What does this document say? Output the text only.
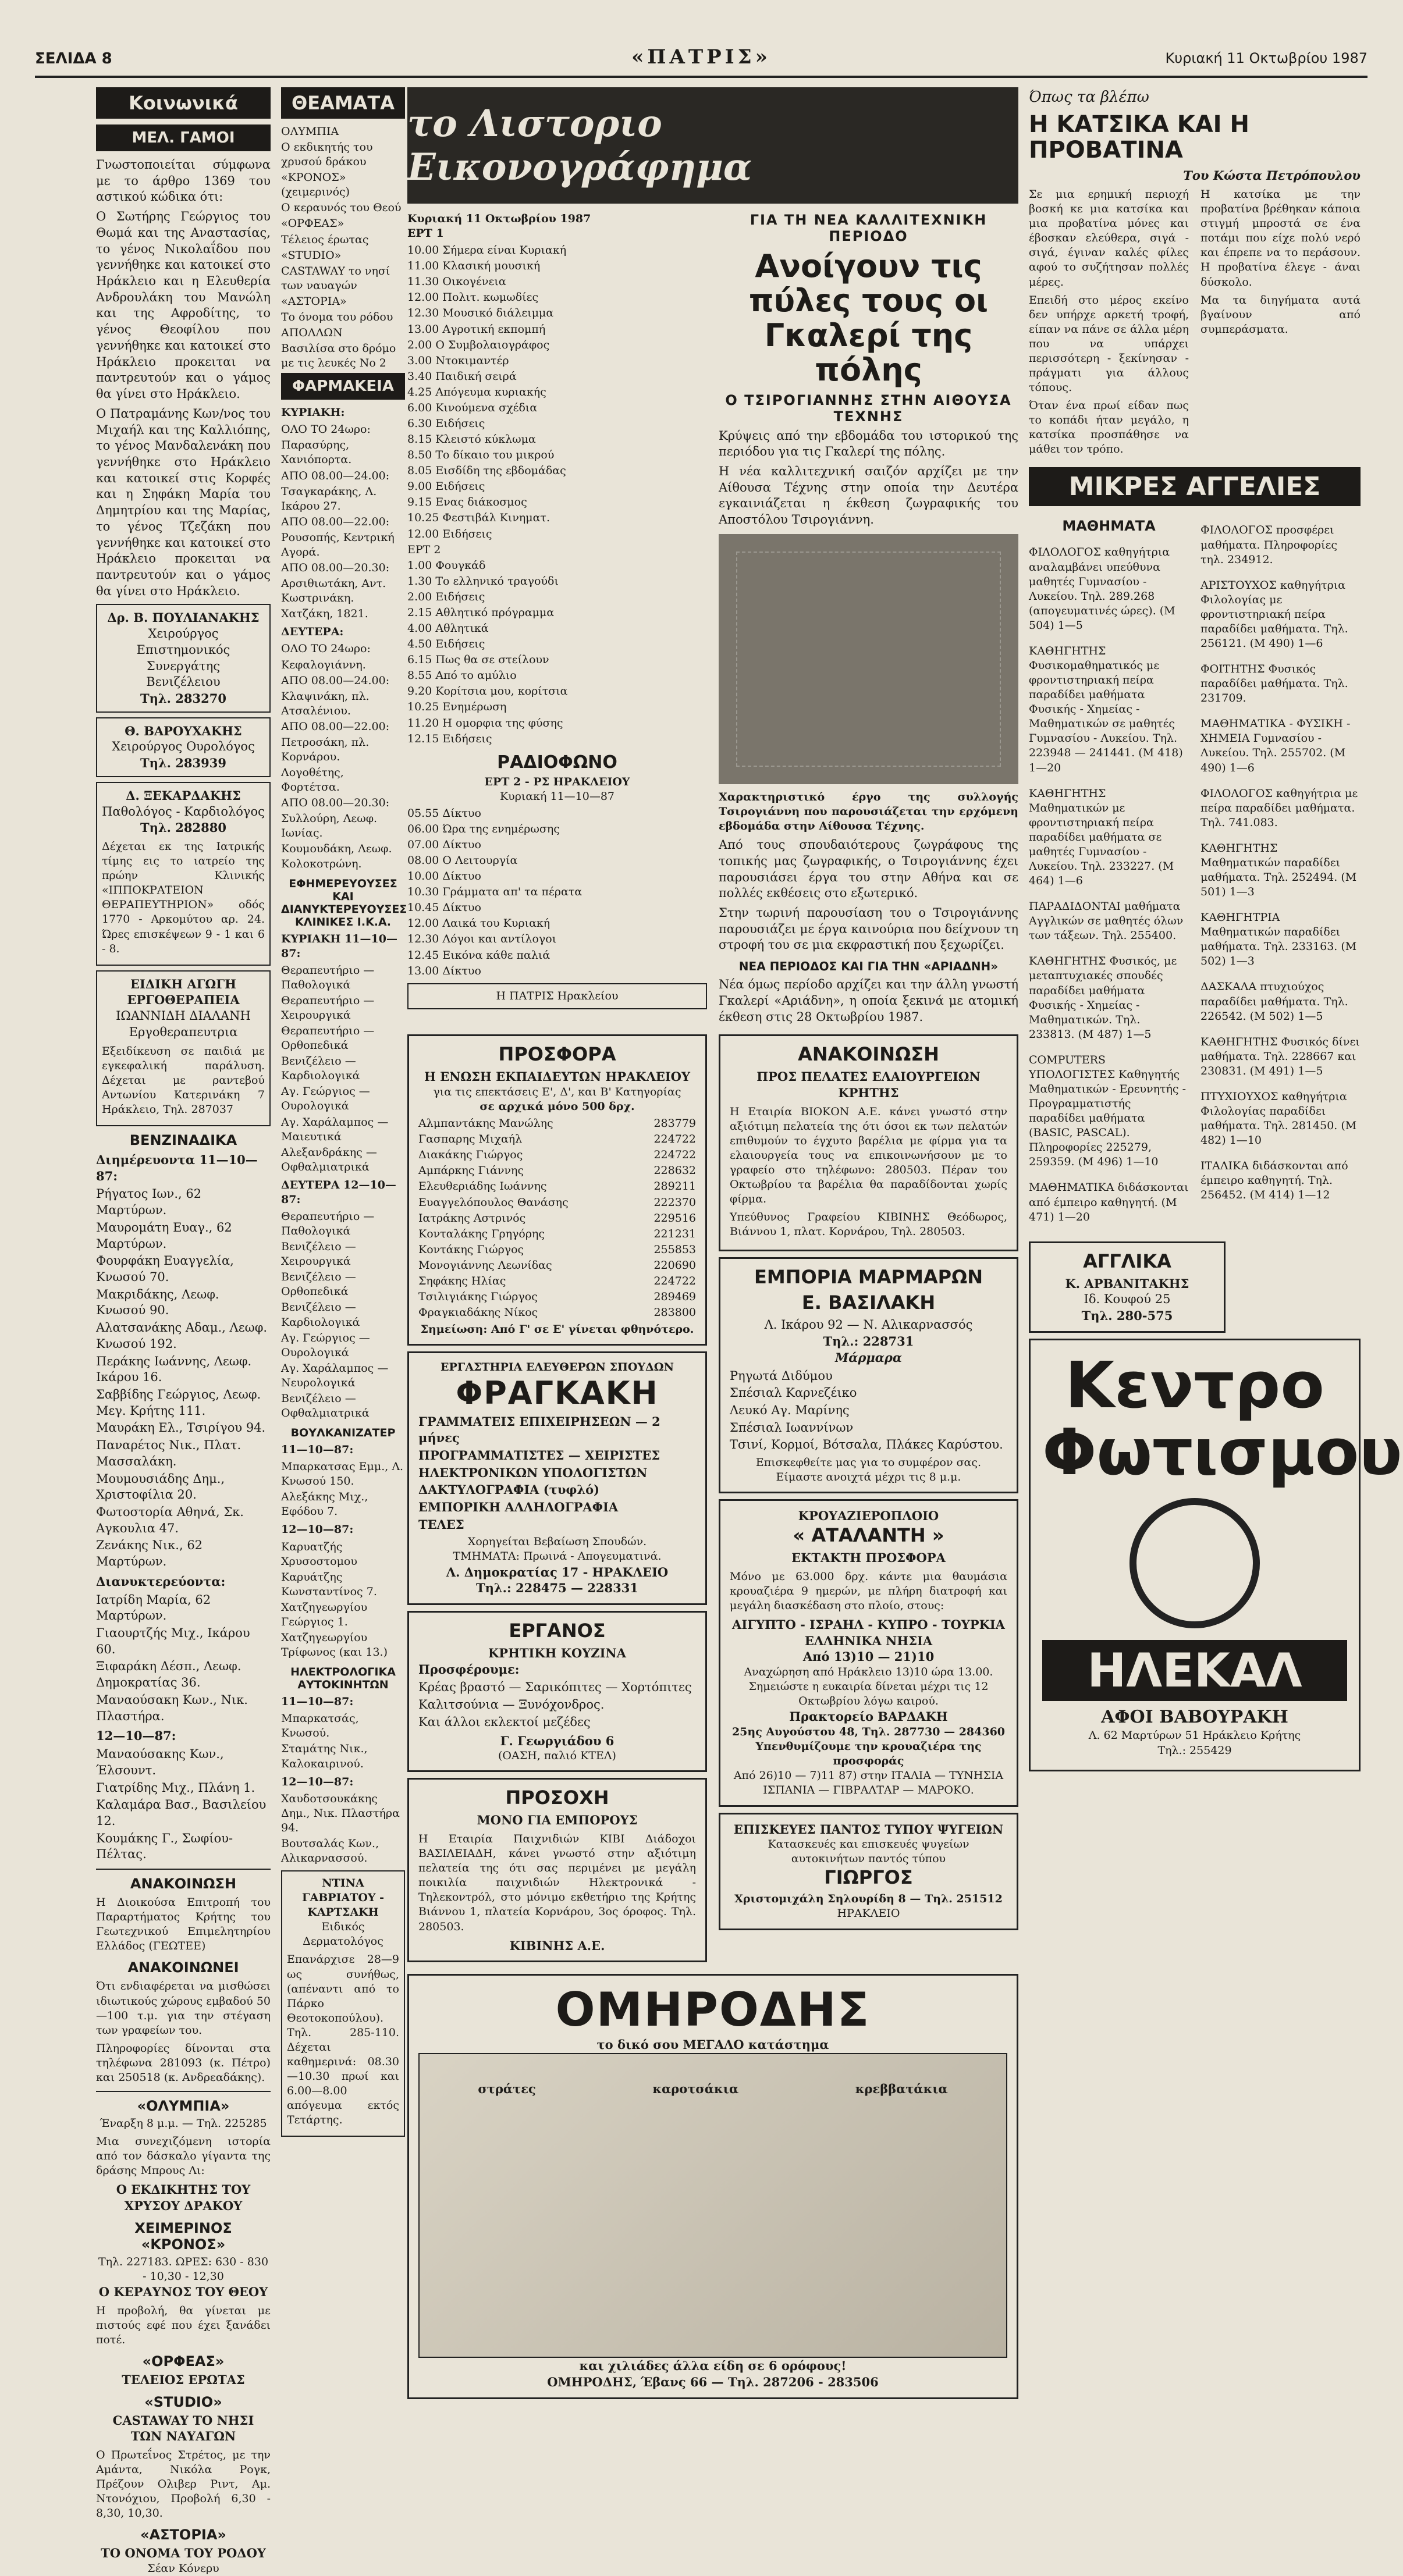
ΣΕΛΙΔΑ 8	«ΠΑΤΡΙΣ»	Κυριακή 11 Οκτωβρίου 1987
Κοινωνικά
ΜΕΛ. ΓΑΜΟΙ

Γνωστοποιείται σύμφωνα με το άρθρο 1369 του αστικού κώδικα ότι:

Ο Σωτήρης Γεώργιος του Θωμά και της Αναστασίας, το γένος Νικολαΐδου που γεννήθηκε και κατοικεί στο Ηράκλειο και η Ελευθερία Ανδρουλάκη του Μανώλη και της Αφροδίτης, το γένος Θεοφίλου που γεννήθηκε και κατοικεί στο Ηράκλειο προκειται να παντρευτούν και ο γάμος θα γίνει στο Ηράκλειο.

Ο Πατραμάνης Κων/νος του Μιχαήλ και της Καλλιόπης, το γένος Μανδαλενάκη που γεννήθηκε στο Ηράκλειο και κατοικεί στις Κορφές και η Σηφάκη Μαρία του Δημητρίου και της Μαρίας, το γένος Τζεζάκη που γεννήθηκε και κατοικεί στο Ηράκλειο προκειται να παντρευτούν και ο γάμος θα γίνει στο Ηράκλειο.

Δρ. Β. ΠΟΥΛΙΑΝΑΚΗΣ
Χειρούργος
Επιστημονικός Συνεργάτης
Βενιζέλειου
Τηλ. 283270
Θ. ΒΑΡΟΥΧΑΚΗΣ
Χειρούργος Ουρολόγος
Τηλ. 283939
Δ. ΞΕΚΑΡΔΑΚΗΣ
Παθολόγος - Καρδιολόγος
Τηλ. 282880

Δέχεται εκ της Ιατρικής τίμης εις το ιατρείο της πρώην Κλινικής «ΙΠΠΟΚΡΑΤΕΙΟΝ ΘΕΡΑΠΕΥΤΗΡΙΟΝ» οδός 1770 - Αρκομύτου αρ. 24. Ώρες επισκέψεων 9 - 1 και 6 - 8.

ΕΙΔΙΚΗ ΑΓΩΓΗ
ΕΡΓΟΘΕΡΑΠΕΙΑ
ΙΩΑΝΝΙΔΗ ΔΙΑΛΑΝΗ
Εργοθεραπευτρια

Εξειδίκευση σε παιδιά με εγκεφαλική παράλυση. Δέχεται με ραντεβού Αντωνίου Κατερινάκη 7 Ηράκλειο, Τηλ. 287037

ΒΕΝΖΙΝΑΔΙΚΑ
Διημέρευοντα 11—10—87:
Ρήγατος Ιων., 62 Μαρτύρων.
Μαυρομάτη Ευαγ., 62 Μαρτύρων.
Φουρφάκη Ευαγγελία, Κνωσού 70.
Μακριδάκης, Λεωφ. Κνωσού 90.
Αλατσανάκης Αδαμ., Λεωφ. Κνωσού 192.
Περάκης Ιωάννης, Λεωφ. Ικάρου 16.
Σαββίδης Γεώργιος, Λεωφ. Μεγ. Κρήτης 111.
Μαυράκη Ελ., Τσιρίγου 94.
Παναρέτος Νικ., Πλατ. Μασσαλάκη.
Μουμουσιάδης Δημ., Χριστοφίλια 20.
Φωτοστορία Αθηνά, Σκ. Αγκουλια 47.
Ζενάκης Νικ., 62 Μαρτύρων.
Διανυκτερεύοντα:
Ιατρίδη Μαρία, 62 Μαρτύρων.
Γιαουρτζής Μιχ., Ικάρου 60.
Ξιφαράκη Δέσπ., Λεωφ. Δημοκρατίας 36.
Μαναούσακη Κων., Νικ. Πλαστήρα.
12—10—87:
Μαναούσακης Κων., Έλσουντ.
Γιατρίδης Μιχ., Πλάνη 1.
Καλαμάρα Βασ., Βασιλείου 12.
Κουμάκης Γ., Σωφίου-Πέλτας.
ΑΝΑΚΟΙΝΩΣΗ

Η Διοικούσα Επιτροπή του Παραρτήματος Κρήτης του Γεωτεχνικού Επιμελητηρίου Ελλάδος (ΓΕΩΤΕΕ)

ΑΝΑΚΟΙΝΩΝΕΙ

Ότι ενδιαφέρεται να μισθώσει ιδιωτικούς χώρους εμβαδού 50—100 τ.μ. για την στέγαση των γραφείων του.

Πληροφορίες δίνονται στα τηλέφωνα 281093 (κ. Πέτρο) και 250518 (κ. Ανδρεαδάκης).

«ΟΛΥΜΠΙΑ»
Έναρξη 8 μ.μ. — Τηλ. 225285

Μια συνεχιζόμενη ιστορία από τον δάσκαλο γίγαντα της δράσης Μπρους Λι:

Ο ΕΚΔΙΚΗΤΗΣ ΤΟΥ ΧΡΥΣΟΥ ΔΡΑΚΟΥ
ΧΕΙΜΕΡΙΝΟΣ «ΚΡΟΝΟΣ»
Τηλ. 227183. ΩΡΕΣ: 630 - 830 - 10,30 - 12,30
Ο ΚΕΡΑΥΝΟΣ ΤΟΥ ΘΕΟΥ

Η προβολή, θα γίνεται με πιστούς εφέ που έχει ξανάδει ποτέ.

«ΟΡΦΕΑΣ»
ΤΕΛΕΙΟΣ ΕΡΩΤΑΣ
«STUDIO»
CASTAWAY ΤΟ ΝΗΣΙ ΤΩΝ ΝΑΥΑΓΩΝ

Ο Πρωτεΐνος Στρέτος, με την Αμάντα, Νικόλα Ρογκ, Πρέζουν Ολιβερ Ριντ, Αμ. Ντονόχιου, Προβολή 6,30 - 8,30, 10,30.

«ΑΣΤΟΡΙΑ»
ΤΟ ΟΝΟΜΑ ΤΟΥ ΡΟΔΟΥ
Σέαν Κόνερυ
ΘΕΑΜΑΤΑ
ΟΛΥΜΠΙΑ
Ο εκδικητής του χρυσού δράκου
«ΚΡΟΝΟΣ» (χειμερινός)
Ο κεραυνός του Θεού
«ΟΡΦΕΑΣ»
Τέλειος έρωτας
«STUDIO»
CASTAWAY το νησί των ναυαγών
«ΑΣΤΟΡΙΑ»
Το όνομα του ρόδου
ΑΠΟΛΛΩΝ
Βασιλίσα στο δρόμο με τις λευκές Νο 2
ΦΑΡΜΑΚΕΙΑ
ΚΥΡΙΑΚΗ:
ΟΛΟ ΤΟ 24ωρο:
Παρασύρης, Χανιόπορτα.
ΑΠΟ 08.00—24.00:
Τσαγκαράκης, Λ. Ικάρου 27.
ΑΠΟ 08.00—22.00:
Ρουσοπής, Κεντρική Αγορά.
ΑΠΟ 08.00—20.30:
Αρσιθιωτάκη, Αντ. Κωστρινάκη.
Χατζάκη, 1821.
ΔΕΥΤΕΡΑ:
ΟΛΟ ΤΟ 24ωρο:
Κεφαλογιάννη.
ΑΠΟ 08.00—24.00:
Κλαψινάκη, πλ. Ατσαλένιου.
ΑΠΟ 08.00—22.00:
Πετροσάκη, πλ. Κορνάρου.
Λογοθέτης, Φορτέτσα.
ΑΠΟ 08.00—20.30:
Συλλούρη, Λεωφ. Ιωνίας.
Κουμουδάκη, Λεωφ. Κολοκοτρώνη.
ΕΦΗΜΕΡΕΥΟΥΣΕΣ ΚΑΙ ΔΙΑΝΥΚΤΕΡΕΥΟΥΣΕΣ ΚΛΙΝΙΚΕΣ Ι.Κ.Α.
ΚΥΡΙΑΚΗ 11—10—87:
Θεραπευτήριο — Παθολογικά
Θεραπευτήριο — Χειρουργικά
Θεραπευτήριο — Ορθοπεδικά
Βενιζέλειο — Καρδιολογικά
Αγ. Γεώργιος — Ουρολογικά
Αγ. Χαράλαμπος — Μαιευτικά
Αλεξανδράκης — Οφθαλμιατρικά
ΔΕΥΤΕΡΑ 12—10—87:
Θεραπευτήριο — Παθολογικά
Βενιζέλειο — Χειρουργικά
Βενιζέλειο — Ορθοπεδικά
Βενιζέλειο — Καρδιολογικά
Αγ. Γεώργιος — Ουρολογικά
Αγ. Χαράλαμπος — Νευρολογικά
Βενιζέλειο — Οφθαλμιατρικά
ΒΟΥΛΚΑΝΙΖΑΤΕΡ
11—10—87:
Μπαρκατσας Εμμ., Λ. Κνωσού 150.
Αλεξάκης Μιχ., Εφόδου 7.
12—10—87:
Καρυατζής Χρυσοστομου
Καρυάτζης Κωνσταντίνος 7.
Χατζηγεωργίου Γεώργιος 1.
Χατζηγεωργίου Τρίφωνος (και 13.)
ΗΛΕΚΤΡΟΛΟΓΙΚΑ ΑΥΤΟΚΙΝΗΤΩΝ
11—10—87:
Μπαρκατσάς, Κνωσού.
Σταμάτης Νικ., Καλοκαιρινού.
12—10—87:
Χαυδοτσουκάκης Δημ., Νικ. Πλαστήρα 94.
Βουτσαλάς Κων., Αλικαρνασσού.
ΝΤΙΝΑ ΓΑΒΡΙΑΤΟΥ - ΚΑΡΤΣΑΚΗ
Ειδικός Δερματολόγος

Επανάρχισε 28—9 ως συνήθως, (απέναντι από το Πάρκο Θεοτοκοπούλου). Τηλ. 285-110. Δέχεται καθημερινά: 08.30—10.30 πρωί και 6.00—8.00 απόγευμα εκτός Τετάρτης.

το Λιστοριο Εικονογράφημα
Κυριακή 11 Οκτωβρίου 1987
ΕΡΤ 1
10.00 Σήμερα είναι Κυριακή
11.00 Κλασική μουσική
11.30 Οικογένεια
12.00 Πολιτ. κωμωδίες
12.30 Μουσικό διάλειμμα
13.00 Αγροτική εκπομπή
2.00 Ο Συμβολαιογράφος
3.00 Ντοκιμαντέρ
3.40 Παιδική σειρά
4.25 Απόγευμα κυριακής
6.00 Κινούμενα σχέδια
6.30 Ειδήσεις
8.15 Κλειστό κύκλωμα
8.50 Το δίκαιο του μικρού
8.05 Εισδίδη της εβδομάδας
9.00 Ειδήσεις
9.15 Ενας διάκοσμος
10.25 Φεστιβάλ Κινηματ.
12.00 Ειδήσεις
ΕΡΤ 2
1.00 Φουγκάδ
1.30 Το ελληνικό τραγούδι
2.00 Ειδήσεις
2.15 Αθλητικό πρόγραμμα
4.00 Αθλητικά
4.50 Ειδήσεις
6.15 Πως θα σε στείλουν
8.55 Από το αμύλιο
9.20 Κορίτσια μου, κορίτσια
10.25 Ενημέρωση
11.20 Η ομορφια της φύσης
12.15 Ειδήσεις
ΡΑΔΙΟΦΩΝΟ
ΕΡΤ 2 - ΡΣ ΗΡΑΚΛΕΙΟΥ
Κυριακή 11—10—87
05.55 Δίκτυο
06.00 Ώρα της ενημέρωσης
07.00 Δίκτυο
08.00 Ο Λειτουργία
10.00 Δίκτυο
10.30 Γράμματα απ' τα πέρατα
10.45 Δίκτυο
12.00 Λαικά του Κυριακή
12.30 Λόγοι και αντίλογοι
12.45 Εικόνα κάθε παλιά
13.00 Δίκτυο
Η ΠΑΤΡΙΣ Ηρακλείου
ΓΙΑ ΤΗ ΝΕΑ ΚΑΛΛΙΤΕΧΝΙΚΗ ΠΕΡΙΟΔΟ
Ανοίγουν τις πύλες τους οι Γκαλερί της πόλης
Ο ΤΣΙΡΟΓΙΑΝΝΗΣ ΣΤΗΝ ΑΙΘΟΥΣΑ ΤΕΧΝΗΣ

Κρύψεις από την εβδομάδα του ιστορικού της περιόδου για τις Γκαλερί της πόλης.

Η νέα καλλιτεχνική σαιζόν αρχίζει με την Αίθουσα Τέχνης στην οποία την Δευτέρα εγκαινιάζεται η έκθεση ζωγραφικής του Αποστόλου Τσιρογιάννη.

Χαρακτηριστικό έργο της συλλογής Τσιρογιάννη που παρουσιάζεται την ερχόμενη εβδομάδα στην Αίθουσα Τέχνης.

Από τους σπουδαιότερους ζωγράφους της τοπικής μας ζωγραφικής, ο Τσιρογιάννης έχει παρουσιάσει έργα του στην Αθήνα και σε πολλές εκθέσεις στο εξωτερικό.

Στην τωρινή παρουσίαση του ο Τσιρογιάννης παρουσιάζει με έργα καινούρια που δείχνουν τη στροφή του σε μια εκφραστική που ξεχωρίζει.

ΝΕΑ ΠΕΡΙΟΔΟΣ ΚΑΙ ΓΙΑ ΤΗΝ «ΑΡΙΑΔΝΗ»

Νέα όμως περίοδο αρχίζει και την άλλη γνωστή Γκαλερί «Αριάδνη», η οποία ξεκινά με ατομική έκθεση στις 28 Οκτωβρίου 1987.

ΠΡΟΣΦΟΡΑ
Η ΕΝΩΣΗ ΕΚΠΑΙΔΕΥΤΩΝ ΗΡΑΚΛΕΙΟΥ
για τις επεκτάσεις Ε', Δ', και Β' Κατηγορίας
σε αρχικά μόνο 500 δρχ.
Αλμπαντάκης Μανώλης	283779
Γασπαρης Μιχαήλ	224722
Διακάκης Γιώργος	224722
Αμπάρκης Γιάννης	228632
Ελευθεριάδης Ιωάννης	289211
Ευαγγελόπουλος Θανάσης	222370
Ιατράκης Αστρινός	229516
Κονταλάκης Γρηγόρης	221231
Κοντάκης Γιώργος	255853
Μονογιάννης Λεωνίδας	220690
Σηφάκης Ηλίας	224722
Τσιλιγιάκης Γιώργος	289469
Φραγκιαδάκης Νίκος	283800
Σημείωση: Από Γ' σε Ε' γίνεται φθηνότερο.
ΕΡΓΑΣΤΗΡΙΑ ΕΛΕΥΘΕΡΩΝ ΣΠΟΥΔΩΝ
ΦΡΑΓΚΑΚΗ
ΓΡΑΜΜΑΤΕΙΣ ΕΠΙΧΕΙΡΗΣΕΩΝ — 2 μήνες
ΠΡΟΓΡΑΜΜΑΤΙΣΤΕΣ — ΧΕΙΡΙΣΤΕΣ
ΗΛΕΚΤΡΟΝΙΚΩΝ ΥΠΟΛΟΓΙΣΤΩΝ
ΔΑΚΤΥΛΟΓΡΑΦΙΑ (τυφλό)
ΕΜΠΟΡΙΚΗ ΑΛΛΗΛΟΓΡΑΦΙΑ
ΤΕΛΕΣ
Χορηγείται Βεβαίωση Σπουδών.
ΤΜΗΜΑΤΑ: Πρωινά - Απογευματινά.
Λ. Δημοκρατίας 17 - ΗΡΑΚΛΕΙΟ
Τηλ.: 228475 — 228331
ΕΡΓΑΝΟΣ
ΚΡΗΤΙΚΗ ΚΟΥΖΙΝΑ
Προσφέρουμε:
Κρέας βραστό — Σαρικόπιτες — Χορτόπιτες
Καλιτσούνια — Ξυνόχονδρος.
Και άλλοι εκλεκτοί μεζέδες
Γ. Γεωργιάδου 6
(ΟΑΣΗ, παλιό ΚΤΕΛ)
ΠΡΟΣΟΧΗ
ΜΟΝΟ ΓΙΑ ΕΜΠΟΡΟΥΣ

Η Εταιρία Παιχνιδιών ΚΙΒΙ Διάδοχοι ΒΑΣΙΛΕΙΑΔΗ, κάνει γνωστό στην αξιότιμη πελατεία της ότι σας περιμένει με μεγάλη ποικιλία παιχνιδιών Ηλεκτρονικά - Τηλεκοντρόλ, στο μόνιμο εκθετήριο της Κρήτης Βιάννου 1, πλατεία Κορνάρου, 3ος όροφος. Τηλ. 280503.

ΚΙΒΙΝΗΣ Α.Ε.
ΑΝΑΚΟΙΝΩΣΗ
ΠΡΟΣ ΠΕΛΑΤΕΣ ΕΛΑΙΟΥΡΓΕΙΩΝ ΚΡΗΤΗΣ

Η Εταιρία ΒΙΟΚΟΝ Α.Ε. κάνει γνωστό στην αξιότιμη πελατεία της ότι όσοι εκ των πελατών επιθυμούν το έγχυτο βαρέλια με φίρμα για τα ελαιουργεία τους να επικοινωνήσουν με το γραφείο στο τηλέφωνο: 280503. Πέραν του Οκτωβρίου τα βαρέλια θα παραδίδονται χωρίς φίρμα.

Υπεύθυνος Γραφείου ΚΙΒΙΝΗΣ Θεόδωρος, Βιάννου 1, πλατ. Κορνάρου, Τηλ. 280503.

ΕΜΠΟΡΙΑ ΜΑΡΜΑΡΩΝ
Ε. ΒΑΣΙΛΑΚΗ
Λ. Ικάρου 92 — Ν. Αλικαρνασσός
Τηλ.: 228731
Μάρμαρα
Ρηγωτά Διδύμου
Σπέσιαλ Καρνεζέικο
Λευκό Αγ. Μαρίνης
Σπέσιαλ Ιωαννίνων
Τσινί, Κορμοί, Βότσαλα, Πλάκες Καρύστου.
Επισκεφθείτε μας για το συμφέρον σας.
Είμαστε ανοιχτά μέχρι τις 8 μ.μ.
ΚΡΟΥΑΖΙΕΡΟΠΛΟΙΟ
« ΑΤΑΛΑΝΤΗ »
ΕΚΤΑΚΤΗ ΠΡΟΣΦΟΡΑ

Μόνο με 63.000 δρχ. κάντε μια θαυμάσια κρουαζιέρα 9 ημερών, με πλήρη διατροφή και μεγάλη διασκέδαση στο πλοίο, στους:

ΑΙΓΥΠΤΟ - ΙΣΡΑΗΛ - ΚΥΠΡΟ - ΤΟΥΡΚΙΑ
ΕΛΛΗΝΙΚΑ ΝΗΣΙΑ
Από 13)10 — 21)10
Αναχώρηση από Ηράκλειο 13)10 ώρα 13.00.
Σημειώστε η ευκαιρία δίνεται μέχρι τις 12 Οκτωβρίου λόγω καιρού.
Πρακτορείο ΒΑΡΔΑΚΗ
25ης Αυγούστου 48, Τηλ. 287730 — 284360
Υπενθυμίζουμε την κρουαζιέρα της προσφοράς
Από 26)10 — 7)11 87) στην ΙΤΑΛΙΑ — ΤΥΝΗΣΙΑ
ΙΣΠΑΝΙΑ — ΓΙΒΡΑΛΤΑΡ — ΜΑΡΟΚΟ.
ΕΠΙΣΚΕΥΕΣ ΠΑΝΤΟΣ ΤΥΠΟΥ ΨΥΓΕΙΩΝ
Κατασκευές και επισκευές ψυγείων αυτοκινήτων παντός τύπου
ΓΙΩΡΓΟΣ
Χριστομιχάλη Σηλουρίδη 8 — Τηλ. 251512
ΗΡΑΚΛΕΙΟ
ΟΜΗΡΟΔΗΣ
το δικό σου ΜΕΓΑΛΟ κατάστημα
στράτες	καροτσάκια	κρεββατάκια
και χιλιάδες άλλα είδη σε 6 ορόφους!
ΟΜΗΡΟΔΗΣ, Έβανς 66 — Τηλ. 287206 - 283506
Όπως τα βλέπω
Η ΚΑΤΣΙΚΑ ΚΑΙ Η ΠΡΟΒΑΤΙΝΑ
Του Κώστα Πετρόπουλου

Σε μια ερημική περιοχή βοσκή κε μια κατσίκα και μια προβατίνα μόνες και έβοσκαν ελεύθερα, σιγά - σιγά, έγιναν καλές φίλες αφού το συζήτησαν πολλές μέρες.

Επειδή στο μέρος εκείνο δεν υπήρχε αρκετή τροφή, είπαν να πάνε σε άλλα μέρη που να υπάρχει περισσότερη - ξεκίνησαν - πράγματι για άλλους τόπους.

Όταν ένα πρωί είδαν πως το κοπάδι ήταν μεγάλο, η κατσίκα προσπάθησε να μάθει τον τρόπο.

Η κατσίκα με την προβατίνα βρέθηκαν κάποια στιγμή μπροστά σε ένα ποτάμι που είχε πολύ νερό και έπρεπε να το περάσουν. Η προβατίνα έλεγε - άναι δύσκολο.

Μα τα διηγήματα αυτά βγαίνουν από συμπεράσματα.

ΜΙΚΡΕΣ ΑΓΓΕΛΙΕΣ
ΜΑΘΗΜΑΤΑ

ΦΙΛΟΛΟΓΟΣ καθηγήτρια αναλαμβάνει υπεύθυνα μαθητές Γυμνασίου - Λυκείου. Τηλ. 289.268 (απογευματινές ώρες). (Μ 504) 1—5

ΚΑΘΗΓΗΤΗΣ Φυσικομαθηματικός με φροντιστηριακή πείρα παραδίδει μαθήματα Φυσικής - Χημείας - Μαθηματικών σε μαθητές Γυμνασίου - Λυκείου. Τηλ. 223948 — 241441. (Μ 418) 1—20

ΚΑΘΗΓΗΤΗΣ Μαθηματικών με φροντιστηριακή πείρα παραδίδει μαθήματα σε μαθητές Γυμνασίου - Λυκείου. Τηλ. 233227. (Μ 464) 1—6

ΠΑΡΑΔΙΔΟΝΤΑΙ μαθήματα Αγγλικών σε μαθητές όλων των τάξεων. Τηλ. 255400.

ΚΑΘΗΓΗΤΗΣ Φυσικός, με μεταπτυχιακές σπουδές παραδίδει μαθήματα Φυσικής - Χημείας - Μαθηματικών. Τηλ. 233813. (Μ 487) 1—5

COMPUTERS ΥΠΟΛΟΓΙΣΤΕΣ Καθηγητής Μαθηματικών - Ερευνητής - Προγραμματιστής παραδίδει μαθήματα (BASIC, PASCAL). Πληροφορίες 225279, 259359. (Μ 496) 1—10

ΜΑΘΗΜΑΤΙΚΑ διδάσκονται από έμπειρο καθηγητή. (Μ 471) 1—20

ΦΙΛΟΛΟΓΟΣ προσφέρει μαθήματα. Πληροφορίες τηλ. 234912.

ΑΡΙΣΤΟΥΧΟΣ καθηγήτρια Φιλολογίας με φροντιστηριακή πείρα παραδίδει μαθήματα. Τηλ. 256121. (Μ 490) 1—6

ΦΟΙΤΗΤΗΣ Φυσικός παραδίδει μαθήματα. Τηλ. 231709.

ΜΑΘΗΜΑΤΙΚΑ - ΦΥΣΙΚΗ - ΧΗΜΕΙΑ Γυμνασίου - Λυκείου. Τηλ. 255702. (Μ 490) 1—6

ΦΙΛΟΛΟΓΟΣ καθηγήτρια με πείρα παραδίδει μαθήματα. Τηλ. 741.083.

ΚΑΘΗΓΗΤΗΣ Μαθηματικών παραδίδει μαθήματα. Τηλ. 252494. (Μ 501) 1—3

ΚΑΘΗΓΗΤΡΙΑ Μαθηματικών παραδίδει μαθήματα. Τηλ. 233163. (Μ 502) 1—3

ΔΑΣΚΑΛΑ πτυχιούχος παραδίδει μαθήματα. Τηλ. 226542. (Μ 502) 1—5

ΚΑΘΗΓΗΤΗΣ Φυσικός δίνει μαθήματα. Τηλ. 228667 και 230831. (Μ 491) 1—5

ΠΤΥΧΙΟΥΧΟΣ καθηγήτρια Φιλολογίας παραδίδει μαθήματα. Τηλ. 281450. (Μ 482) 1—10

ΙΤΑΛΙΚΑ διδάσκονται από έμπειρο καθηγητή. Τηλ. 256452. (Μ 414) 1—12

ΑΓΓΛΙΚΑ
Κ. ΑΡΒΑΝΙΤΑΚΗΣ
Ιδ. Κουφού 25
Τηλ. 280-575
Κεντρο
Φωτισμου
ΗΛΕΚΑΛ
ΑΦΟΙ ΒΑΒΟΥΡΑΚΗ
Λ. 62 Μαρτύρων 51 Ηράκλειο Κρήτης
Τηλ.: 255429
